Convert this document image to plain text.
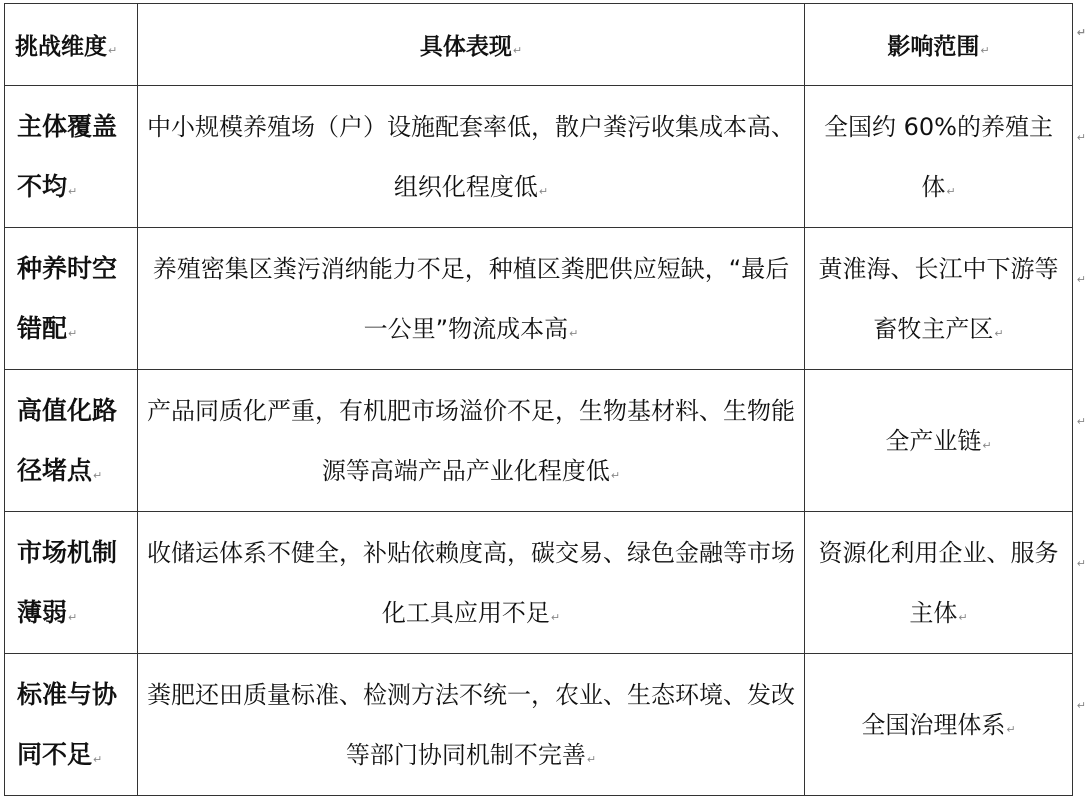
挑战维度↵	具体表现↵	影响范围↵
↵

主体覆盖不均↵	中小规模养殖场（户）设施配套率低，散户粪污收集成本高、组织化程度低↵	全国约 60%的养殖主体↵
↵

种养时空错配↵	养殖密集区粪污消纳能力不足，种植区粪肥供应短缺，“最后一公里”物流成本高↵	黄淮海、长江中下游等畜牧主产区↵
↵

高值化路径堵点↵	产品同质化严重，有机肥市场溢价不足，生物基材料、生物能源等高端产品产业化程度低↵	全产业链↵
↵

市场机制薄弱↵	收储运体系不健全，补贴依赖度高，碳交易、绿色金融等市场化工具应用不足↵	资源化利用企业、服务主体↵
↵

标准与协同不足↵	粪肥还田质量标准、检测方法不统一，农业、生态环境、发改等部门协同机制不完善↵	全国治理体系↵
↵
